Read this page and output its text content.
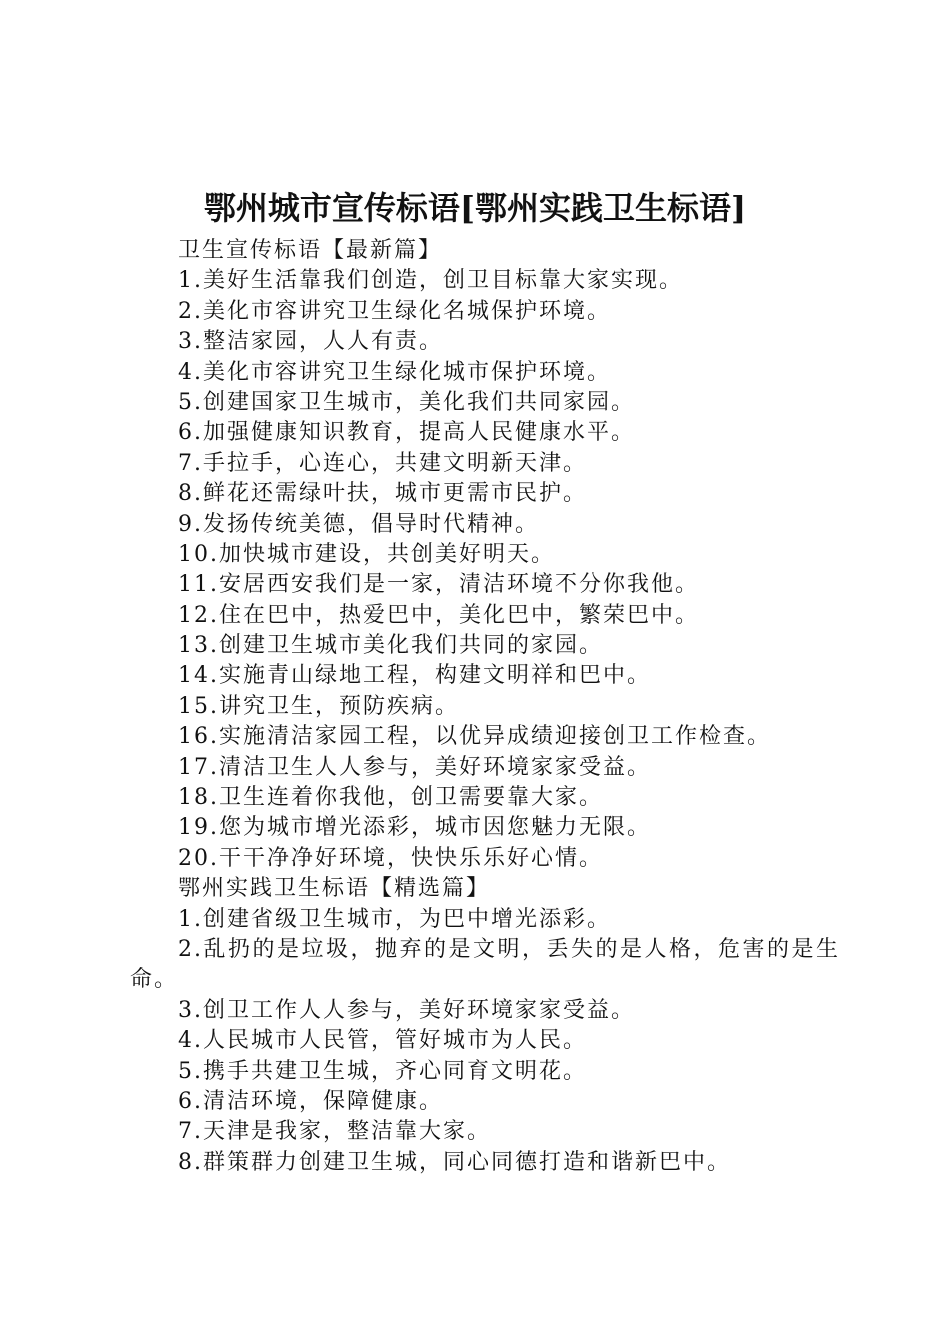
鄂州城市宣传标语[鄂州实践卫生标语]
卫生宣传标语【最新篇】
1.美好生活靠我们创造，创卫目标靠大家实现。
2.美化市容讲究卫生绿化名城保护环境。
3.整洁家园，人人有责。
4.美化市容讲究卫生绿化城市保护环境。
5.创建国家卫生城市，美化我们共同家园。
6.加强健康知识教育，提高人民健康水平。
7.手拉手，心连心，共建文明新天津。
8.鲜花还需绿叶扶，城市更需市民护。
9.发扬传统美德，倡导时代精神。
10.加快城市建设，共创美好明天。
11.安居西安我们是一家，清洁环境不分你我他。
12.住在巴中，热爱巴中，美化巴中，繁荣巴中。
13.创建卫生城市美化我们共同的家园。
14.实施青山绿地工程，构建文明祥和巴中。
15.讲究卫生，预防疾病。
16.实施清洁家园工程，以优异成绩迎接创卫工作检查。
17.清洁卫生人人参与，美好环境家家受益。
18.卫生连着你我他，创卫需要靠大家。
19.您为城市增光添彩，城市因您魅力无限。
20.干干净净好环境，快快乐乐好心情。
鄂州实践卫生标语【精选篇】
1.创建省级卫生城市，为巴中增光添彩。
2.乱扔的是垃圾，抛弃的是文明，丢失的是人格，危害的是生命。
3.创卫工作人人参与，美好环境家家受益。
4.人民城市人民管，管好城市为人民。
5.携手共建卫生城，齐心同育文明花。
6.清洁环境，保障健康。
7.天津是我家，整洁靠大家。
8.群策群力创建卫生城，同心同德打造和谐新巴中。
